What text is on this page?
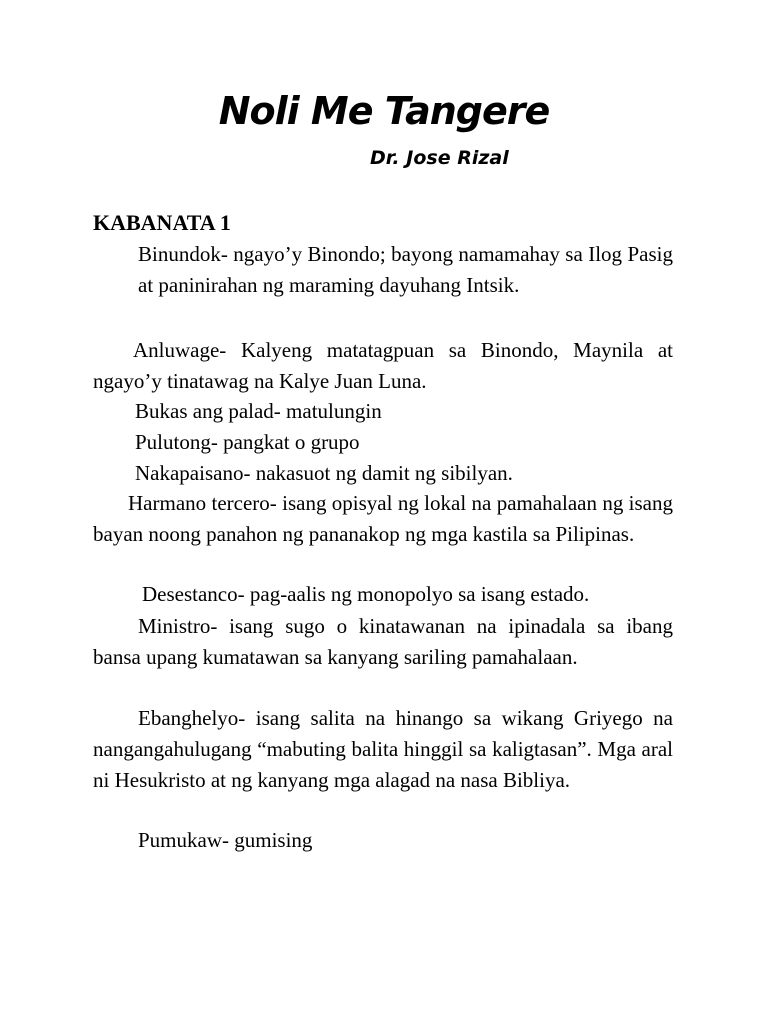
Noli Me Tangere

Dr. Jose Rizal

KABANATA 1

Binundok- ngayo’y Binondo; bayong namamahay sa Ilog Pasig at paninirahan ng maraming dayuhang Intsik.

Anluwage- Kalyeng matatagpuan sa Binondo, Maynila at ngayo’y tinatawag na Kalye Juan Luna.

Bukas ang palad- matulungin

Pulutong- pangkat o grupo

Nakapaisano- nakasuot ng damit ng sibilyan.

Harmano tercero- isang opisyal ng lokal na pamahalaan ng isang bayan noong panahon ng pananakop ng mga kastila sa Pilipinas.

Desestanco- pag-aalis ng monopolyo sa isang estado.

Ministro- isang sugo o kinatawanan na ipinadala sa ibang bansa upang kumatawan sa kanyang sariling pamahalaan.

Ebanghelyo- isang salita na hinango sa wikang Griyego na nangangahulugang “mabuting balita hinggil sa kaligtasan”. Mga aral ni Hesukristo at ng kanyang mga alagad na nasa Bibliya.

Pumukaw- gumising
